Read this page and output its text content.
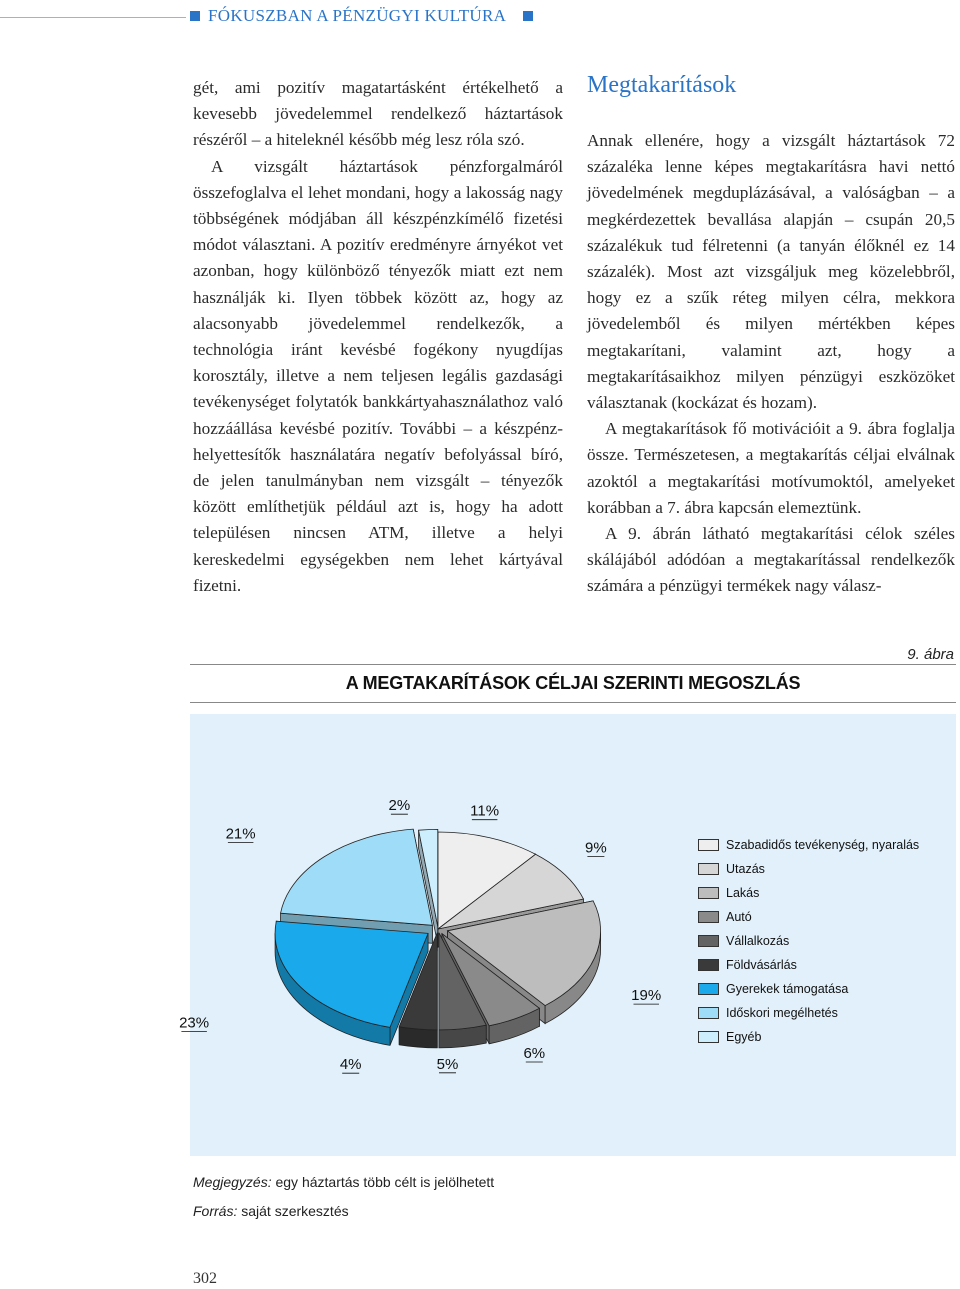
FÓKUSZBAN A PÉNZÜGYI KULTÚRA

gét, ami pozitív magatartásként értékelhető a kevesebb jövedelemmel rendelkező háztartások részéről – a hiteleknél később még lesz róla szó.

A vizsgált háztartások pénzforgalmáról összefoglalva el lehet mondani, hogy a lakosság nagy többségének módjában áll készpénzkímélő fizetési módot választani. A pozitív eredményre árnyékot vet azonban, hogy különböző tényezők miatt ezt nem használják ki. Ilyen többek között az, hogy az alacsonyabb jövedelemmel rendelkezők, a technológia iránt kevésbé fogékony nyugdíjas korosztály, illetve a nem teljesen legális gazdasági tevékenységet folytatók bankkártyahasználathoz való hozzáállása kevésbé pozitív. További – a készpénz-helyettesítők használatára negatív befolyással bíró, de jelen tanulmányban nem vizsgált – tényezők között említhetjük például azt is, hogy ha adott településen nincsen ATM, illetve a helyi kereskedelmi egységekben nem lehet kártyával fizetni.

Megtakarítások

Annak ellenére, hogy a vizsgált háztartások 72 százaléka lenne képes megtakarításra havi nettó jövedelmének megduplázásával, a valóságban – a megkérdezettek bevallása alapján – csupán 20,5 százalékuk tud félretenni (a tanyán élőknél ez 14 százalék). Most azt vizsgáljuk meg közelebbről, hogy ez a szűk réteg milyen célra, mekkora jövedelemből és milyen mértékben képes megtakarítani, valamint azt, hogy a megtakarításaikhoz milyen pénzügyi eszközöket választanak (kockázat és hozam).

A megtakarítások fő motivációit a 9. ábra foglalja össze. Természetesen, a megtakarítás céljai elválnak azoktól a megtakarítási motívumoktól, amelyeket korábban a 7. ábra kapcsán elemeztünk.

A 9. ábrán látható megtakarítási célok széles skálájából adódóan a megtakarítással rendelkezők számára a pénzügyi termékek nagy válasz-

9. ábra
A MEGTAKARÍTÁSOK CÉLJAI SZERINTI MEGOSZLÁS
11%
9%
19%
6%
5%
4%
23%
21%
2%
Szabadidős tevékenység, nyaralás
Utazás
Lakás
Autó
Vállalkozás
Földvásárlás
Gyerekek támogatása
Időskori megélhetés
Egyéb
Megjegyzés: egy háztartás több célt is jelölhetett
Forrás: saját szerkesztés
302
